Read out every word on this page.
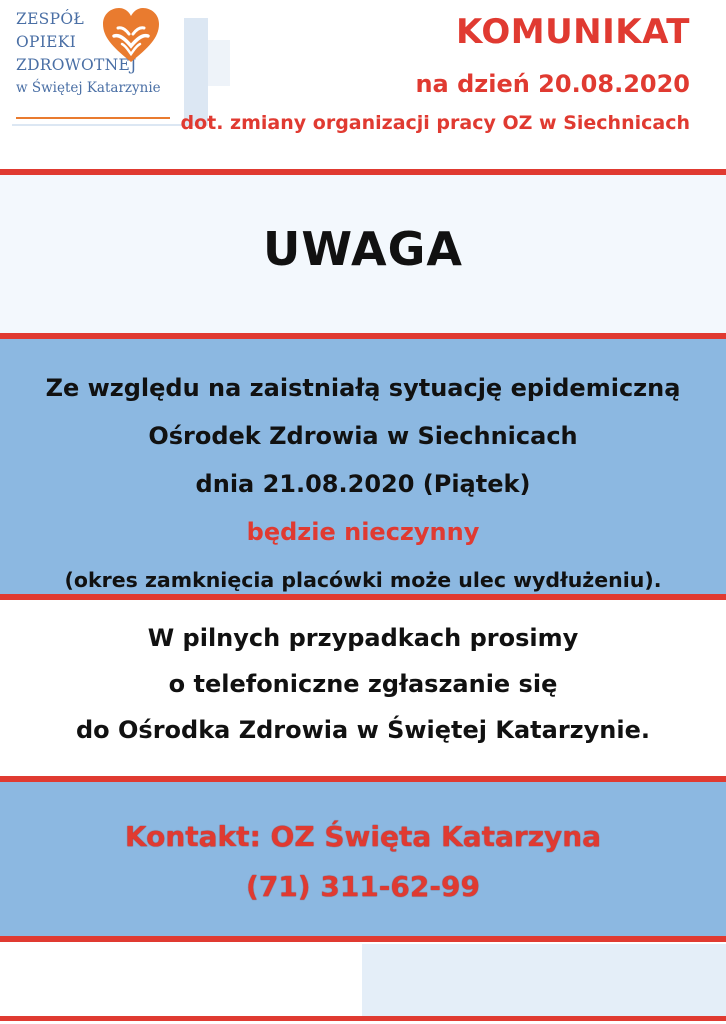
ZESPÓŁ
OPIEKI
ZDROWOTNEJ
w Świętej Katarzynie
KOMUNIKAT
na dzień 20.08.2020
dot. zmiany organizacji pracy OZ w Siechnicach
UWAGA
Ze względu na zaistniałą sytuację epidemiczną
Ośrodek Zdrowia w Siechnicach
dnia 21.08.2020 (Piątek)
będzie nieczynny
(okres zamknięcia placówki może ulec wydłużeniu).
W pilnych przypadkach prosimy
o telefoniczne zgłaszanie się
do Ośrodka Zdrowia w Świętej Katarzynie.
Kontakt: OZ Święta Katarzyna
(71) 311-62-99
